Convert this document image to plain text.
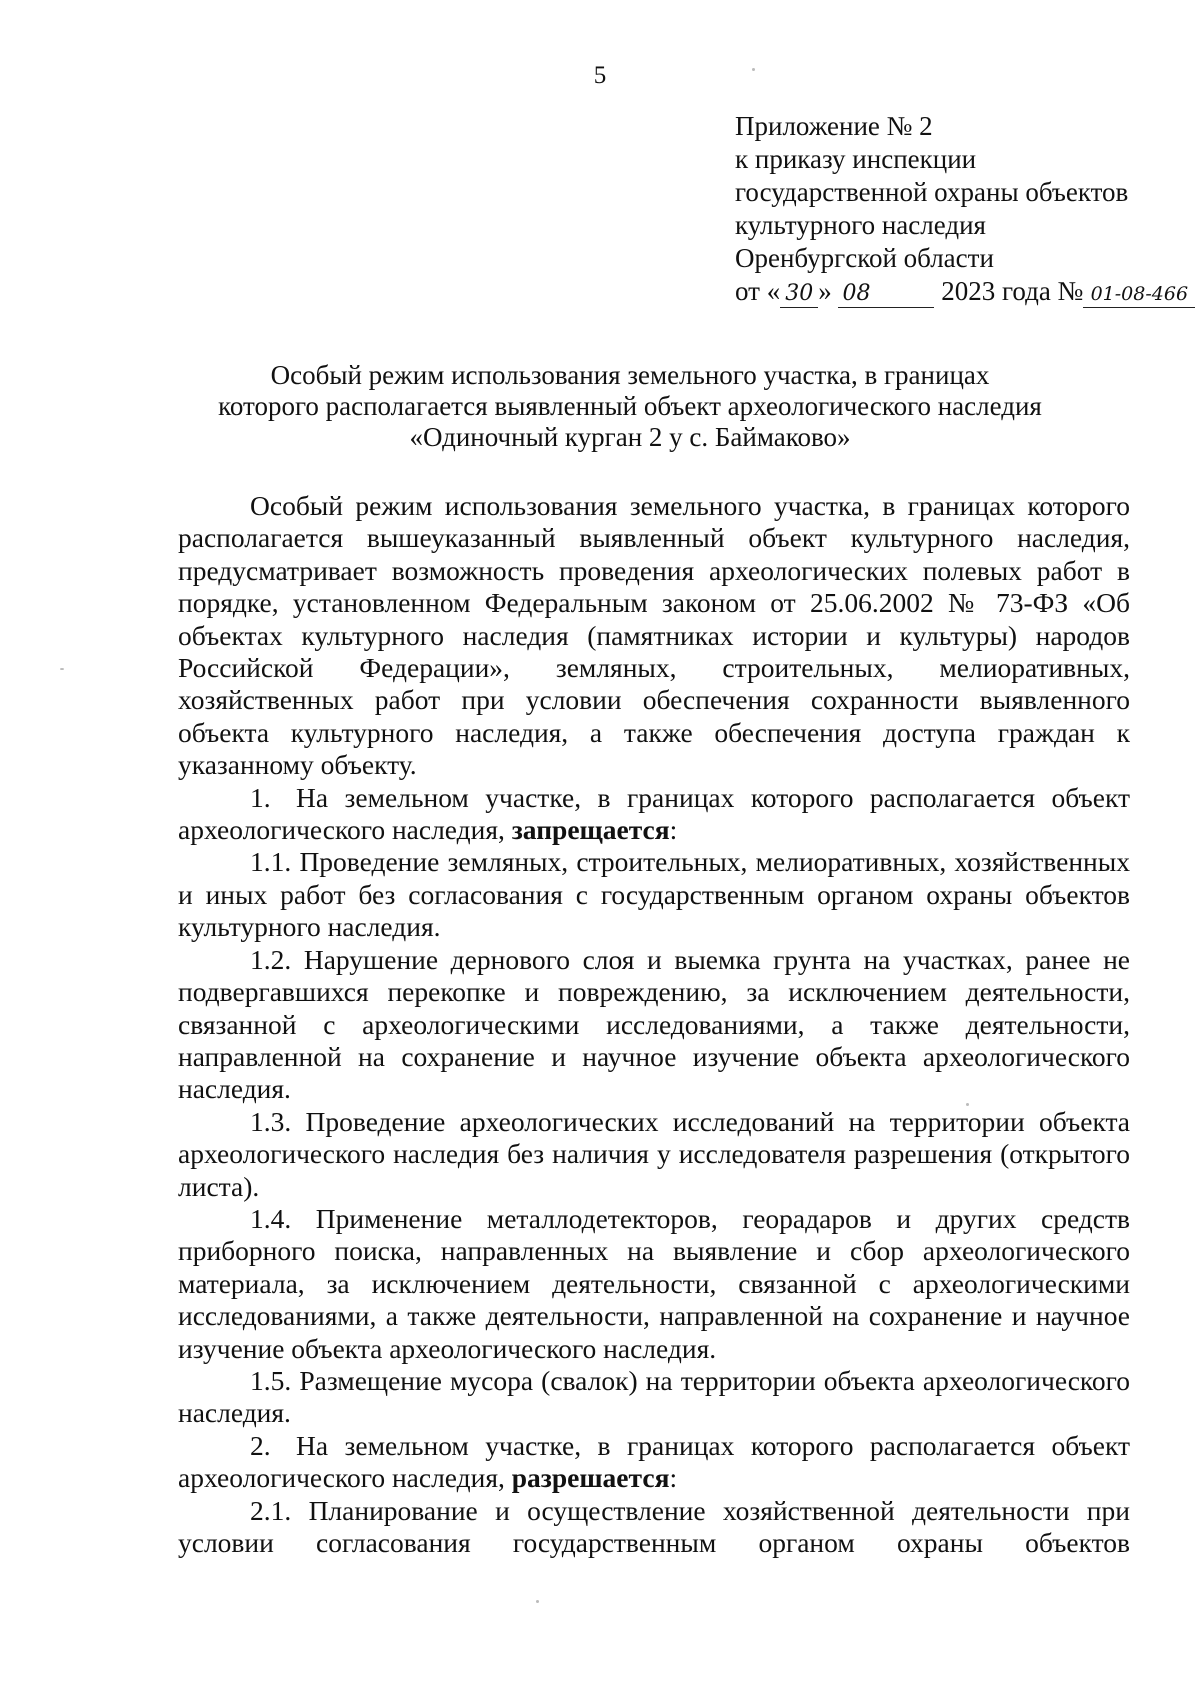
5
Приложение № 2
к приказу инспекции
государственной охраны объектов
культурного наследия
Оренбургской области
от « 30 » 08	2023 года № 01-08-466
Особый режим использования земельного участка, в границах
которого располагается выявленный объект археологического наследия
«Одиночный курган 2 у с. Баймаково»

Особый режим использования земельного участка, в границах которого располагается вышеуказанный выявленный объект культурного наследия, предусматривает возможность проведения археологических полевых работ в порядке, установленном Федеральным законом от 25.06.2002 № 73-ФЗ «Об объектах культурного наследия (памятниках истории и культуры) народов Российской Федерации», земляных, строительных, мелиоративных, хозяйственных работ при условии обеспечения сохранности выявленного объекта культурного наследия, а также обеспечения доступа граждан к указанному объекту.

1. На земельном участке, в границах которого располагается объект археологического наследия, запрещается:

1.1. Проведение земляных, строительных, мелиоративных, хозяйственных и иных работ без согласования с государственным органом охраны объектов культурного наследия.

1.2. Нарушение дернового слоя и выемка грунта на участках, ранее не подвергавшихся перекопке и повреждению, за исключением деятельности, связанной с археологическими исследованиями, а также деятельности, направленной на сохранение и научное изучение объекта археологического наследия.

1.3. Проведение археологических исследований на территории объекта археологического наследия без наличия у исследователя разрешения (открытого листа).

1.4. Применение металлодетекторов, георадаров и других средств приборного поиска, направленных на выявление и сбор археологического материала, за исключением деятельности, связанной с археологическими исследованиями, а также деятельности, направленной на сохранение и научное изучение объекта археологического наследия.

1.5. Размещение мусора (свалок) на территории объекта археологического наследия.

2. На земельном участке, в границах которого располагается объект археологического наследия, разрешается:

2.1. Планирование и осуществление хозяйственной деятельности при условии согласования государственным органом охраны объектов
